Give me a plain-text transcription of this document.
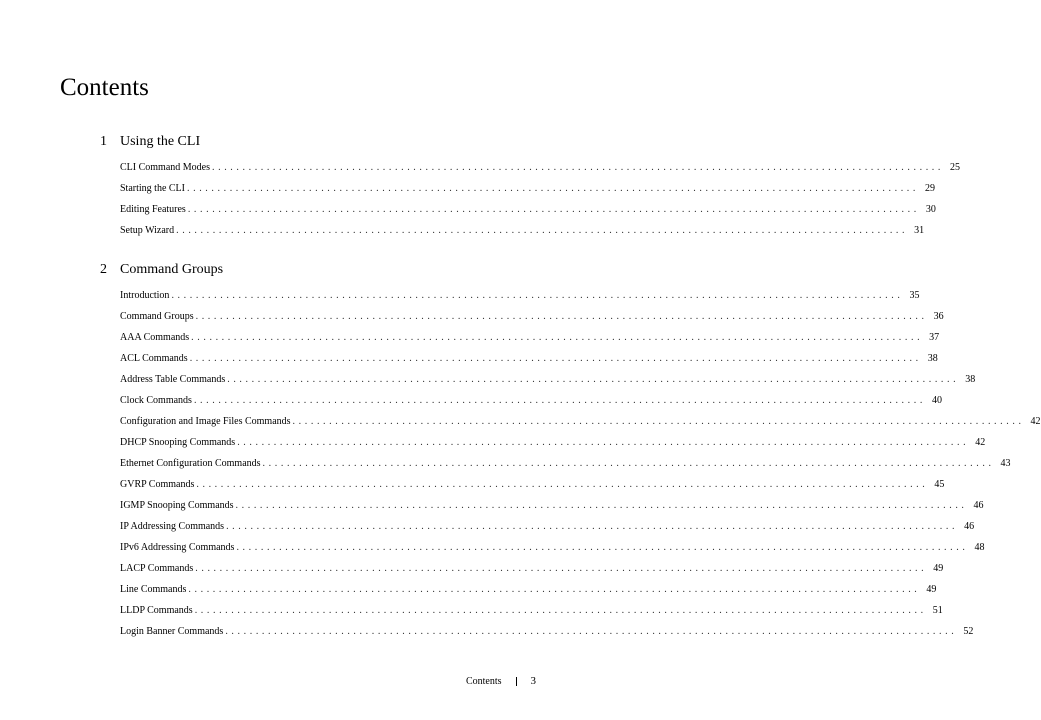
Contents
1 Using the CLI
CLI Command Modes ........................................................................................................................ 25
Starting the CLI ........................................................................................................................ 29
Editing Features ........................................................................................................................ 30
Setup Wizard ........................................................................................................................ 31
2 Command Groups
Introduction ........................................................................................................................ 35
Command Groups ........................................................................................................................ 36
AAA Commands ........................................................................................................................ 37
ACL Commands ........................................................................................................................ 38
Address Table Commands ........................................................................................................................ 38
Clock Commands ........................................................................................................................ 40
Configuration and Image Files Commands ........................................................................................................................ 42
DHCP Snooping Commands ........................................................................................................................ 42
Ethernet Configuration Commands ........................................................................................................................ 43
GVRP Commands ........................................................................................................................ 45
IGMP Snooping Commands ........................................................................................................................ 46
IP Addressing Commands ........................................................................................................................ 46
IPv6 Addressing Commands ........................................................................................................................ 48
LACP Commands ........................................................................................................................ 49
Line Commands ........................................................................................................................ 49
LLDP Commands ........................................................................................................................ 51
Login Banner Commands ........................................................................................................................ 52
Contents	3
